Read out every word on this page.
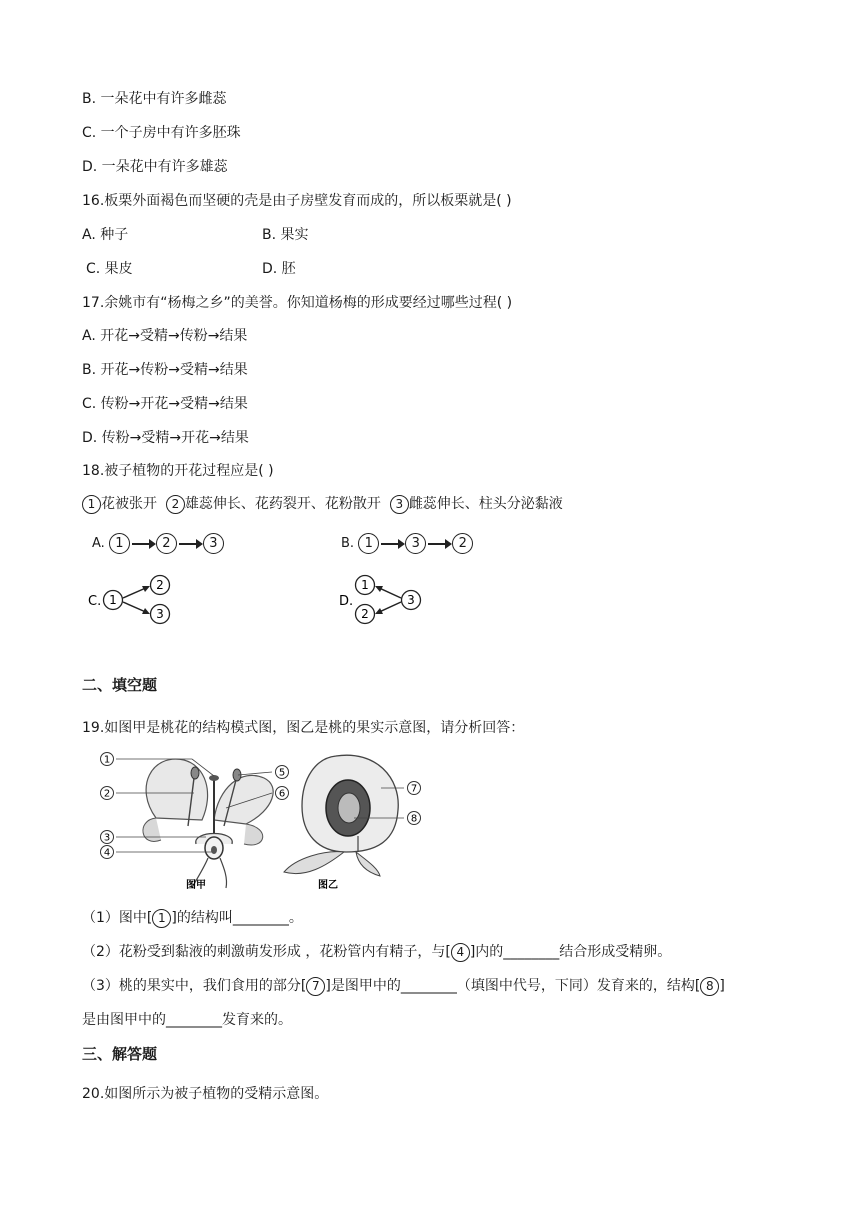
B. 一朵花中有许多雌蕊
C. 一个子房中有许多胚珠
D. 一朵花中有许多雄蕊
16.板栗外面褐色而坚硬的壳是由子房壁发育而成的，所以板栗就是( )
A. 种子	B. 果实
C. 果皮	D. 胚
17.余姚市有“杨梅之乡”的美誉。你知道杨梅的形成要经过哪些过程( )
A. 开花→受精→传粉→结果
B. 开花→传粉→受精→结果
C. 传粉→开花→受精→结果
D. 传粉→受精→开花→结果
18.被子植物的开花过程应是( )
1 花被张开 2 雄蕊伸长、花药裂开、花粉散开 3 雌蕊伸长、柱头分泌黏液
A. 1	2	3	B. 1	3	2
C. 1
2
3
D.
1
2
3
二、填空题
19.如图甲是桃花的结构模式图，图乙是桃的果实示意图，请分析回答：
1
2
3
4
5
6
图甲
7
8
图乙
（1）图中[ 1 ]的结构叫________。
（2）花粉受到黏液的刺激萌发形成 ，花粉管内有精子，与[ 4 ]内的________结合形成受精卵。
（3）桃的果实中，我们食用的部分[ 7 ]是图甲中的________（填图中代号，下同）发育来的，结构[ 8 ]
是由图甲中的________发育来的。
三、解答题
20.如图所示为被子植物的受精示意图。
